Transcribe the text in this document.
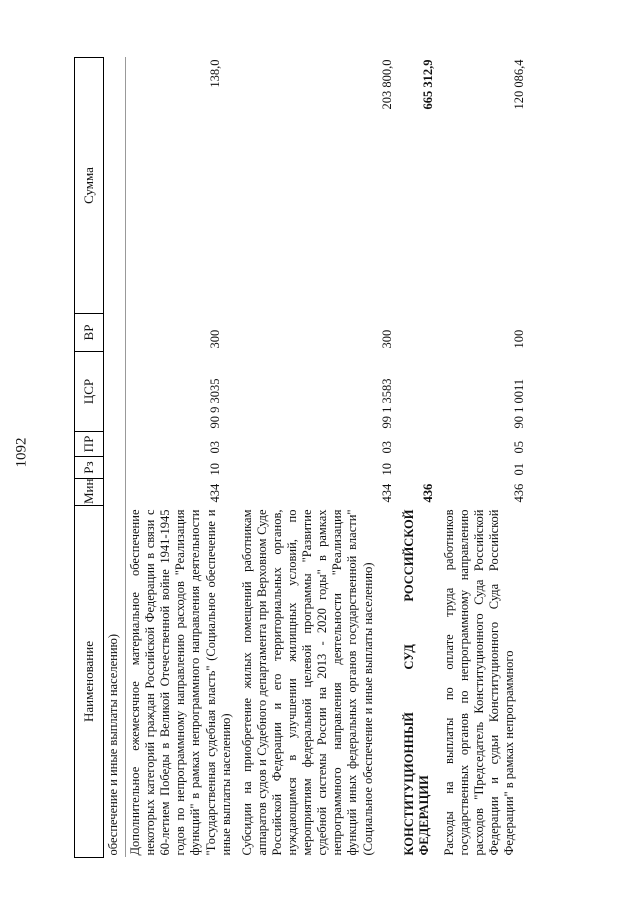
1092
Наименование	Мин	Рз	ПР	ЦСР	ВР	Сумма
обеспечение и иные выплаты населению)						
Дополнительное ежемесячное материальное обеспечение некоторых категорий граждан Российской Федерации в связи с 60-летием Победы в Великой Отечественной войне 1941-1945 годов по непрограммному направлению расходов "Реализация функций" в рамках непрограммного направления деятельности "Государственная судебная власть" (Социальное обеспечение и иные выплаты населению)	434	10	03	90 9 3035	300	138,0
Субсидии на приобретение жилых помещений работникам аппаратов судов и Судебного департамента при Верховном Суде Российской Федерации и его территориальных органов, нуждающимся в улучшении жилищных условий, по мероприятиям федеральной целевой программы "Развитие судебной системы России на 2013 - 2020 годы" в рамках непрограммного направления деятельности "Реализация функций иных федеральных органов государственной власти" (Социальное обеспечение и иные выплаты населению)	434	10	03	99 1 3583	300	203 800,0
КОНСТИТУЦИОННЫЙ СУД РОССИЙСКОЙ ФЕДЕРАЦИИ	436					665 312,9
Расходы на выплаты по оплате труда работников государственных органов по непрограммному направлению расходов "Председатель Конституционного Суда Российской Федерации и судьи Конституционного Суда Российской Федерации" в рамках непрограммного	436	01	05	90 1 0011	100	120 086,4
